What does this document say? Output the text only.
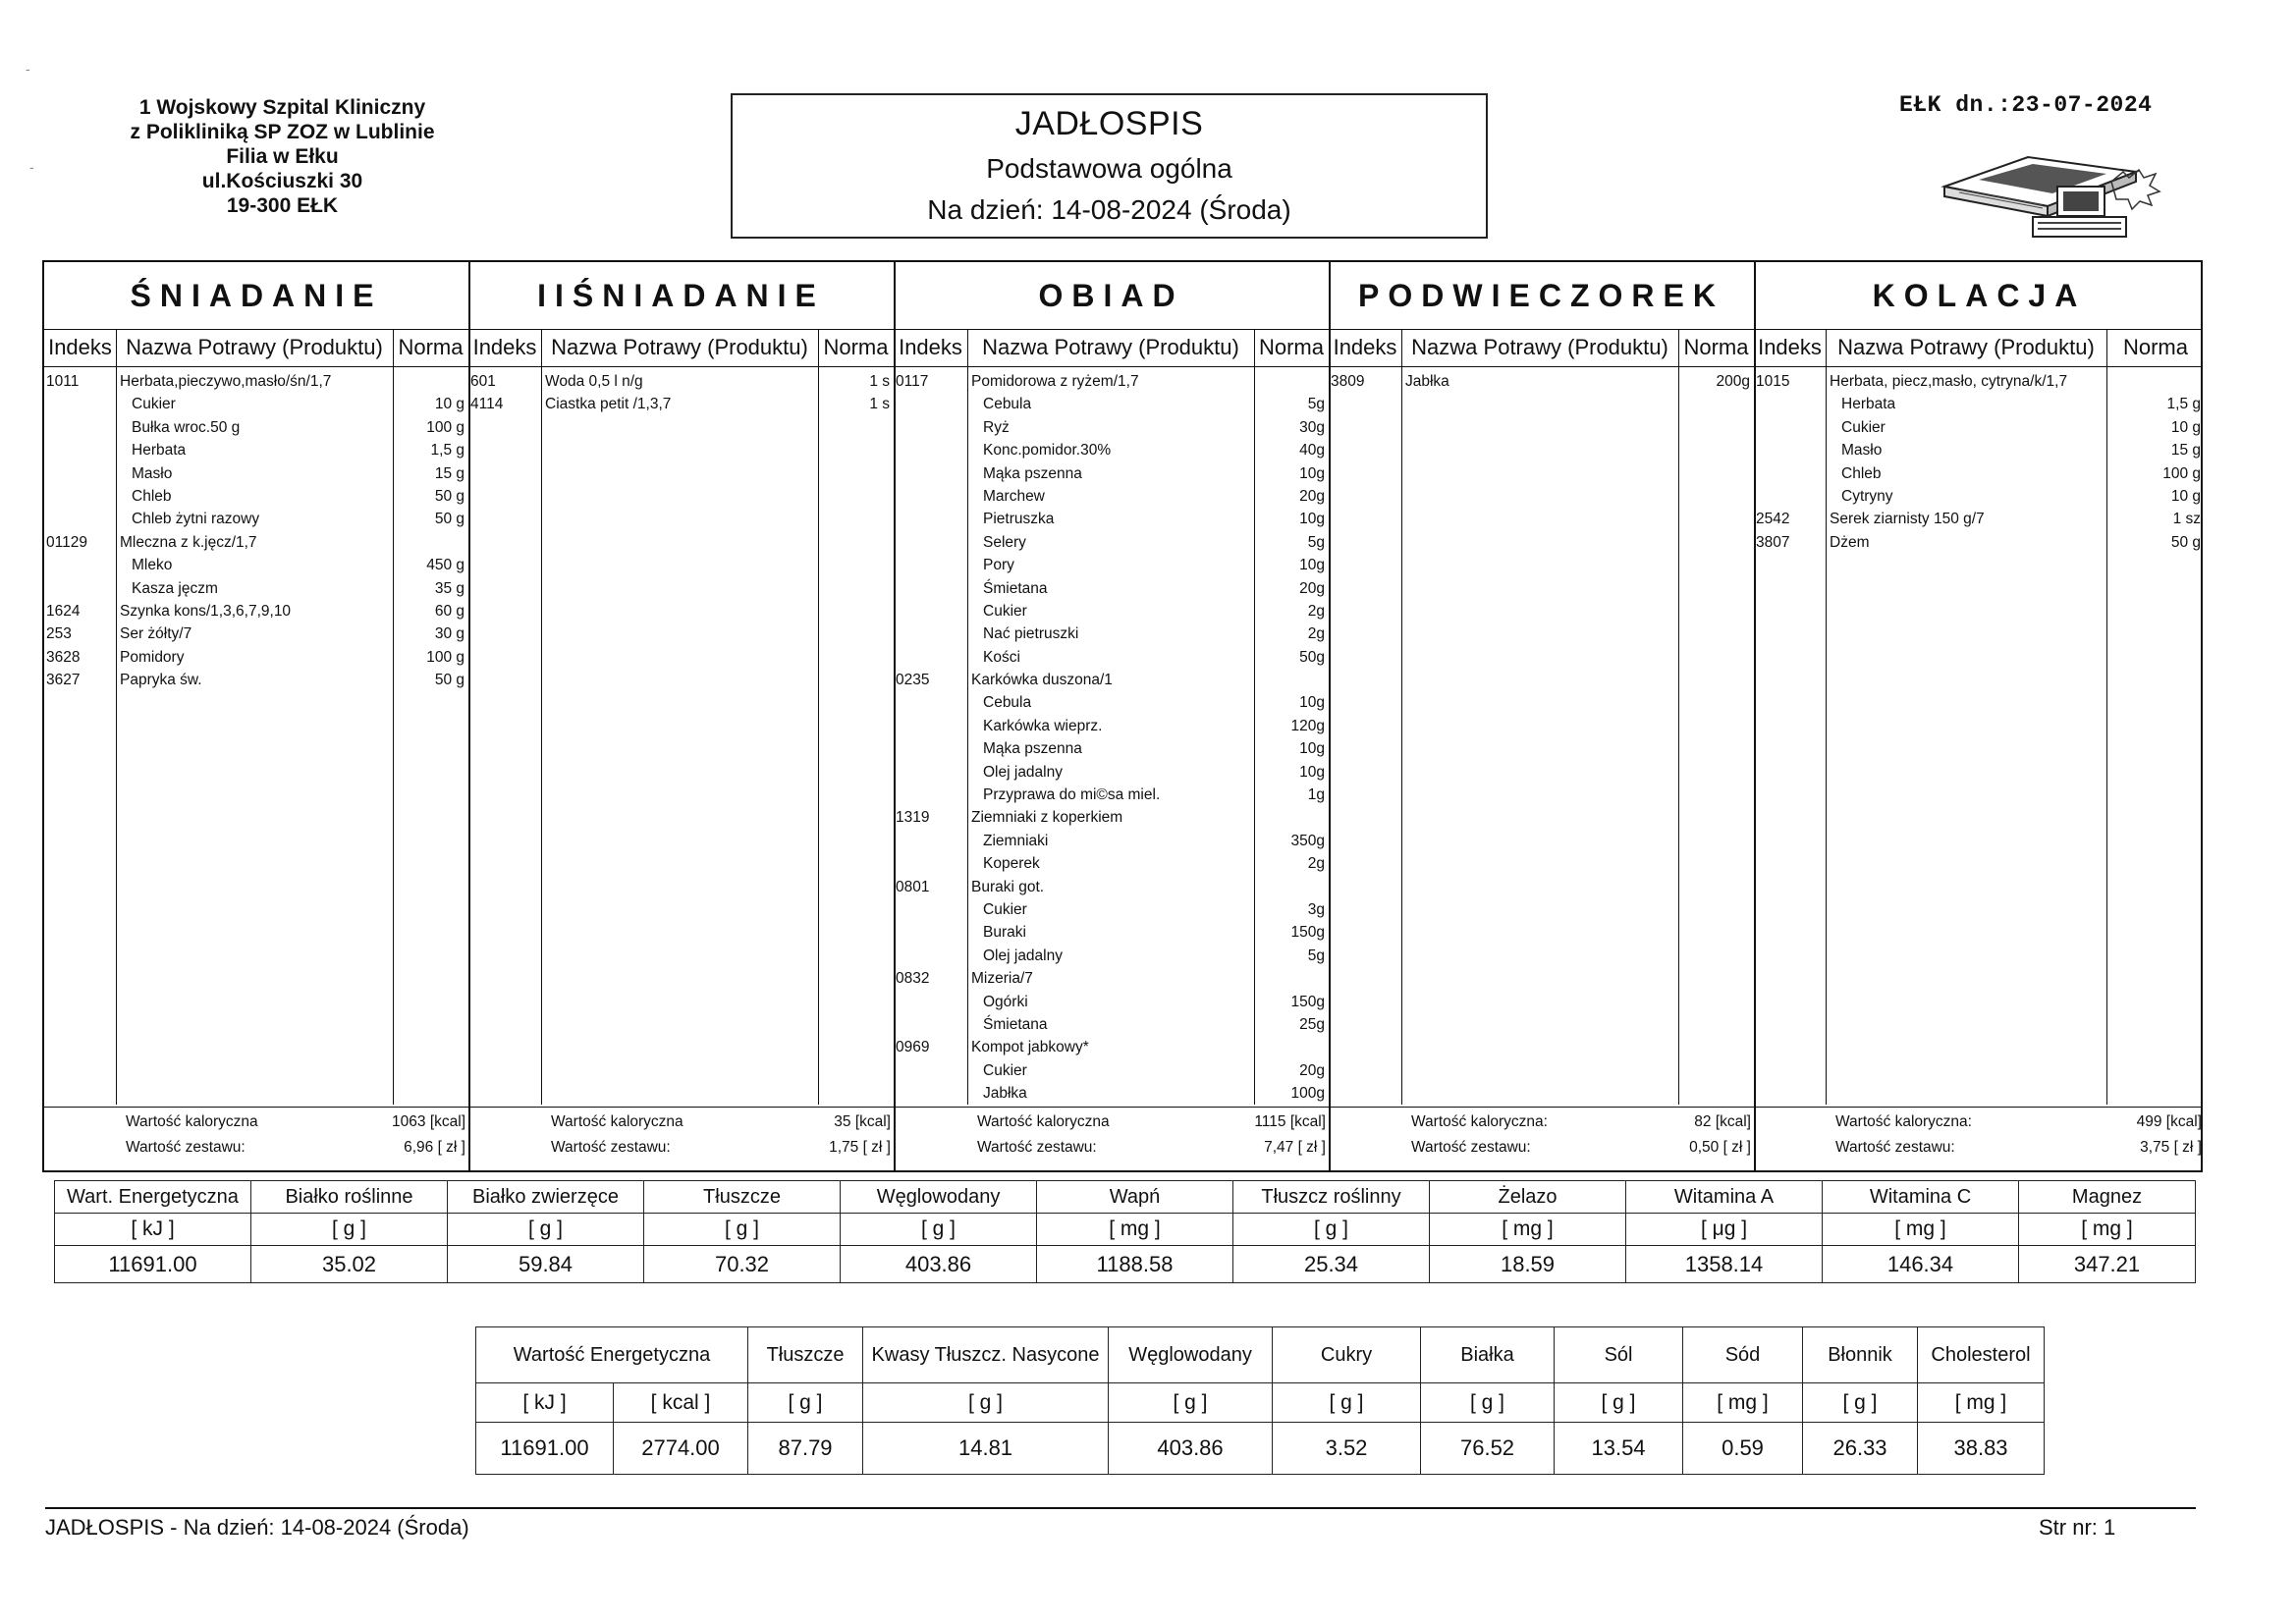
1 Wojskowy Szpital Kliniczny
z Polikliniką SP ZOZ w Lublinie
Filia w Ełku
ul.Kościuszki 30
19-300 EŁK
JADŁOSPIS
Podstawowa ogólna
Na dzień: 14-08-2024 (Środa)
EŁK dn.:23-07-2024
‑
‑
ŚNIADANIE
Indeks Nazwa Potrawy (Produktu) Norma
1011	Herbata,pieczywo,masło/śn/1,7
Cukier	10 g
Bułka wroc.50 g	100 g
Herbata	1,5 g
Masło	15 g
Chleb	50 g
Chleb żytni razowy	50 g
01129 Mleczna z k.jęcz/1,7
Mleko	450 g
Kasza jęczm	35 g
1624	Szynka kons/1,3,6,7,9,10	60 g
253	Ser żółty/7	30 g
3628	Pomidory	100 g
3627	Papryka św.	50 g
Wartość kaloryczna	1063 [kcal]
Wartość zestawu:	6,96 [ zł ]
IIŚNIADANIE
Indeks Nazwa Potrawy (Produktu) Norma
601	Woda 0,5 l n/g	1 s
4114	Ciastka petit /1,3,7	1 s
Wartość kaloryczna	35 [kcal]
Wartość zestawu:	1,75 [ zł ]
OBIAD
Indeks Nazwa Potrawy (Produktu) Norma
0117	Pomidorowa z ryżem/1,7
Cebula	5g
Ryż	30g
Konc.pomidor.30%	40g
Mąka pszenna	10g
Marchew	20g
Pietruszka	10g
Selery	5g
Pory	10g
Śmietana	20g
Cukier	2g
Nać pietruszki	2g
Kości	50g
0235	Karkówka duszona/1
Cebula	10g
Karkówka wieprz.	120g
Mąka pszenna	10g
Olej jadalny	10g
Przyprawa do mi©sa miel.	1g
1319	Ziemniaki z koperkiem
Ziemniaki	350g
Koperek	2g
0801	Buraki got.
Cukier	3g
Buraki	150g
Olej jadalny	5g
0832	Mizeria/7
Ogórki	150g
Śmietana	25g
0969	Kompot jabkowy*
Cukier	20g
Jabłka	100g
Wartość kaloryczna	1115 [kcal]
Wartość zestawu:	7,47 [ zł ]
PODWIECZOREK
Indeks Nazwa Potrawy (Produktu) Norma
3809	Jabłka	200g
Wartość kaloryczna:	82 [kcal]
Wartość zestawu:	0,50 [ zł ]
KOLACJA
Indeks Nazwa Potrawy (Produktu)	Norma
1015	Herbata, piecz,masło, cytryna/k/1,7
Herbata	1,5 g
Cukier	10 g
Masło	15 g
Chleb	100 g
Cytryny	10 g
2542	Serek ziarnisty 150 g/7	1 sz
3807	Dżem	50 g
Wartość kaloryczna:	499 [kcal]
Wartość zestawu:	3,75 [ zł ]
Wart. Energetyczna	Białko roślinne	Białko zwierzęce	Tłuszcze	Węglowodany	Wapń	Tłuszcz roślinny	Żelazo	Witamina A	Witamina C	Magnez
[ kJ ]	[ g ]	[ g ]	[ g ]	[ g ]	[ mg ]	[ g ]	[ mg ]	[ μg ]	[ mg ]	[ mg ]
11691.00	35.02	59.84	70.32	403.86	1188.58	25.34	18.59	1358.14	146.34	347.21
Wartość Energetyczna		Tłuszcze	Kwasy Tłuszcz. Nasycone	Węglowodany	Cukry	Białka	Sól	Sód	Błonnik	Cholesterol
[ kJ ]	[ kcal ]	[ g ]	[ g ]	[ g ]	[ g ]	[ g ]	[ g ]	[ mg ]	[ g ]	[ mg ]
11691.00	2774.00	87.79	14.81	403.86	3.52	76.52	13.54	0.59	26.33	38.83
JADŁOSPIS - Na dzień: 14-08-2024 (Środa)	Str nr: 1
